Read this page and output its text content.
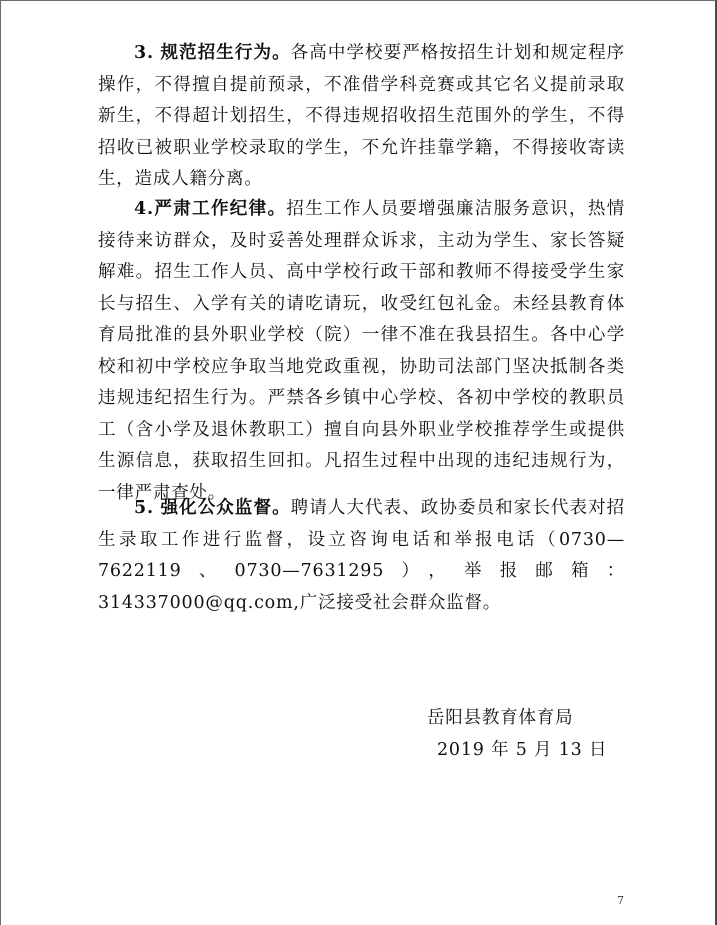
3. 规范招生行为。各高中学校要严格按招生计划和规定程序操作，不得擅自提前预录，不准借学科竞赛或其它名义提前录取新生，不得超计划招生，不得违规招收招生范围外的学生，不得招收已被职业学校录取的学生，不允许挂靠学籍，不得接收寄读生，造成人籍分离。

4.严肃工作纪律。招生工作人员要增强廉洁服务意识，热情接待来访群众，及时妥善处理群众诉求，主动为学生、家长答疑解难。招生工作人员、高中学校行政干部和教师不得接受学生家长与招生、入学有关的请吃请玩，收受红包礼金。未经县教育体育局批准的县外职业学校（院）一律不准在我县招生。各中心学校和初中学校应争取当地党政重视，协助司法部门坚决抵制各类违规违纪招生行为。严禁各乡镇中心学校、各初中学校的教职员工（含小学及退休教职工）擅自向县外职业学校推荐学生或提供生源信息，获取招生回扣。凡招生过程中出现的违纪违规行为，一律严肃查处。

5. 强化公众监督。聘请人大代表、政协委员和家长代表对招生录取工作进行监督，设立咨询电话和举报电话（0730—7622119、0730—7631295），举报邮箱：314337000@qq.com,广泛接受社会群众监督。

岳阳县教育体育局

2019 年 5 月 13 日

7
